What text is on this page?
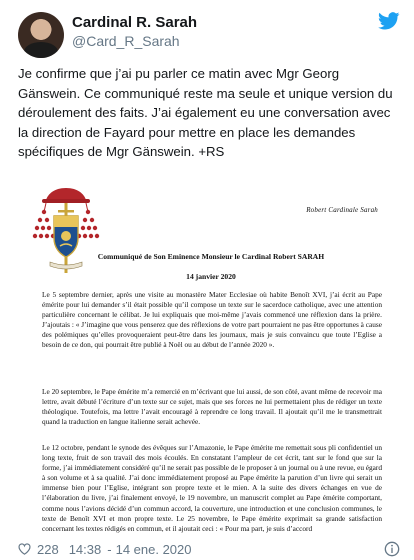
Cardinal R. Sarah
@Card_R_Sarah
Je confirme que j’ai pu parler ce matin avec Mgr Georg Gänswein. Ce communiqué reste ma seule et unique version du déroulement des faits. J’ai également eu une conversation avec la direction de Fayard pour mettre en place les demandes spécifiques de Mgr Gänswein. +RS
Robert Cardinale Sarah
Communiqué de Son Eminence Monsieur le Cardinal Robert SARAH
14 janvier 2020
Le 5 septembre dernier, après une visite au monastère Mater Ecclesiae où habite Benoît XVI, j’ai écrit au Pape émérite pour lui demander s’il était possible qu’il compose un texte sur le sacerdoce catholique, avec une attention particulière concernant le célibat. Je lui expliquais que moi-même j’avais commencé une réflexion dans la prière. J’ajoutais : « J’imagine que vous penserez que des réflexions de votre part pourraient ne pas être opportunes à cause des polémiques qu’elles provoqueraient peut-être dans les journaux, mais je suis convaincu que toute l’Eglise a besoin de ce don, qui pourrait être publié à Noël ou au début de l’année 2020 ».
Le 20 septembre, le Pape émérite m’a remercié en m’écrivant que lui aussi, de son côté, avant même de recevoir ma lettre, avait débuté l’écriture d’un texte sur ce sujet, mais que ses forces ne lui permettaient plus de rédiger un texte théologique. Toutefois, ma lettre l’avait encouragé à reprendre ce long travail. Il ajoutait qu’il me le transmettrait quand la traduction en langue italienne serait achevée.
Le 12 octobre, pendant le synode des évêques sur l’Amazonie, le Pape émérite me remettait sous pli confidentiel un long texte, fruit de son travail des mois écoulés. En constatant l’ampleur de cet écrit, tant sur le fond que sur la forme, j’ai immédiatement considéré qu’il ne serait pas possible de le proposer à un journal ou à une revue, eu égard à son volume et à sa qualité. J’ai donc immédiatement proposé au Pape émérite la parution d’un livre qui serait un immense bien pour l’Eglise, intégrant son propre texte et le mien. A la suite des divers échanges en vue de l’élaboration du livre, j’ai finalement envoyé, le 19 novembre, un manuscrit complet au Pape émérite comportant, comme nous l’avions décidé d’un commun accord, la couverture, une introduction et une conclusion communes, le texte de Benoît XVI et mon propre texte. Le 25 novembre, le Pape émérite exprimait sa grande satisfaction concernant les textes rédigés en commun, et il ajoutait ceci : « Pour ma part, je suis d’accord
228 14:38 - 14 ene. 2020
